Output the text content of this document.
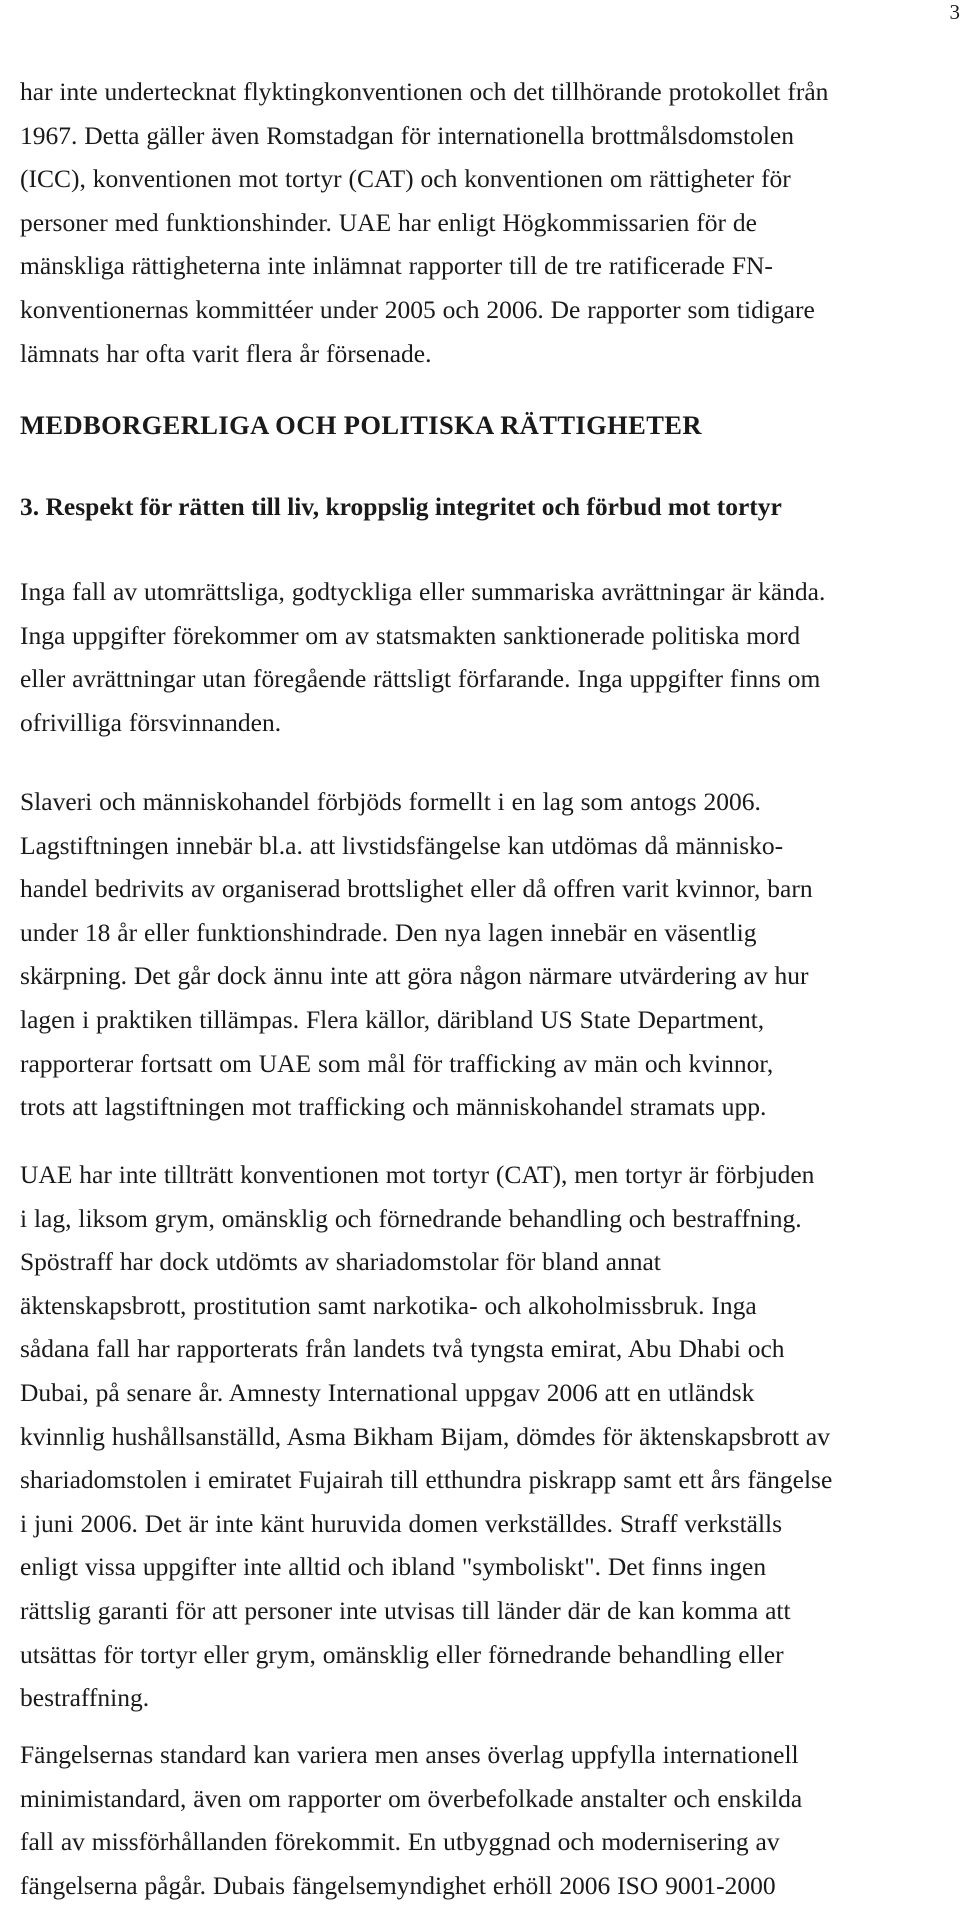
3
har inte undertecknat flyktingkonventionen och det tillhörande protokollet från
1967. Detta gäller även Romstadgan för internationella brottmålsdomstolen
(ICC), konventionen mot tortyr (CAT) och konventionen om rättigheter för
personer med funktionshinder. UAE har enligt Högkommissarien för de
mänskliga rättigheterna inte inlämnat rapporter till de tre ratificerade FN-
konventionernas kommittéer under 2005 och 2006. De rapporter som tidigare
lämnats har ofta varit flera år försenade.
MEDBORGERLIGA OCH POLITISKA RÄTTIGHETER
3. Respekt för rätten till liv, kroppslig integritet och förbud mot tortyr
Inga fall av utomrättsliga, godtyckliga eller summariska avrättningar är kända.
Inga uppgifter förekommer om av statsmakten sanktionerade politiska mord
eller avrättningar utan föregående rättsligt förfarande. Inga uppgifter finns om
ofrivilliga försvinnanden.
Slaveri och människohandel förbjöds formellt i en lag som antogs 2006.
Lagstiftningen innebär bl.a. att livstidsfängelse kan utdömas då människo-
handel bedrivits av organiserad brottslighet eller då offren varit kvinnor, barn
under 18 år eller funktionshindrade. Den nya lagen innebär en väsentlig
skärpning. Det går dock ännu inte att göra någon närmare utvärdering av hur
lagen i praktiken tillämpas. Flera källor, däribland US State Department,
rapporterar fortsatt om UAE som mål för trafficking av män och kvinnor,
trots att lagstiftningen mot trafficking och människohandel stramats upp.
UAE har inte tillträtt konventionen mot tortyr (CAT), men tortyr är förbjuden
i lag, liksom grym, omänsklig och förnedrande behandling och bestraffning.
Spöstraff har dock utdömts av shariadomstolar för bland annat
äktenskapsbrott, prostitution samt narkotika- och alkoholmissbruk. Inga
sådana fall har rapporterats från landets två tyngsta emirat, Abu Dhabi och
Dubai, på senare år. Amnesty International uppgav 2006 att en utländsk
kvinnlig hushållsanställd, Asma Bikham Bijam, dömdes för äktenskapsbrott av
shariadomstolen i emiratet Fujairah till etthundra piskrapp samt ett års fängelse
i juni 2006. Det är inte känt huruvida domen verkställdes. Straff verkställs
enligt vissa uppgifter inte alltid och ibland "symboliskt". Det finns ingen
rättslig garanti för att personer inte utvisas till länder där de kan komma att
utsättas för tortyr eller grym, omänsklig eller förnedrande behandling eller
bestraffning.
Fängelsernas standard kan variera men anses överlag uppfylla internationell
minimistandard, även om rapporter om överbefolkade anstalter och enskilda
fall av missförhållanden förekommit. En utbyggnad och modernisering av
fängelserna pågår. Dubais fängelsemyndighet erhöll 2006 ISO 9001-2000
